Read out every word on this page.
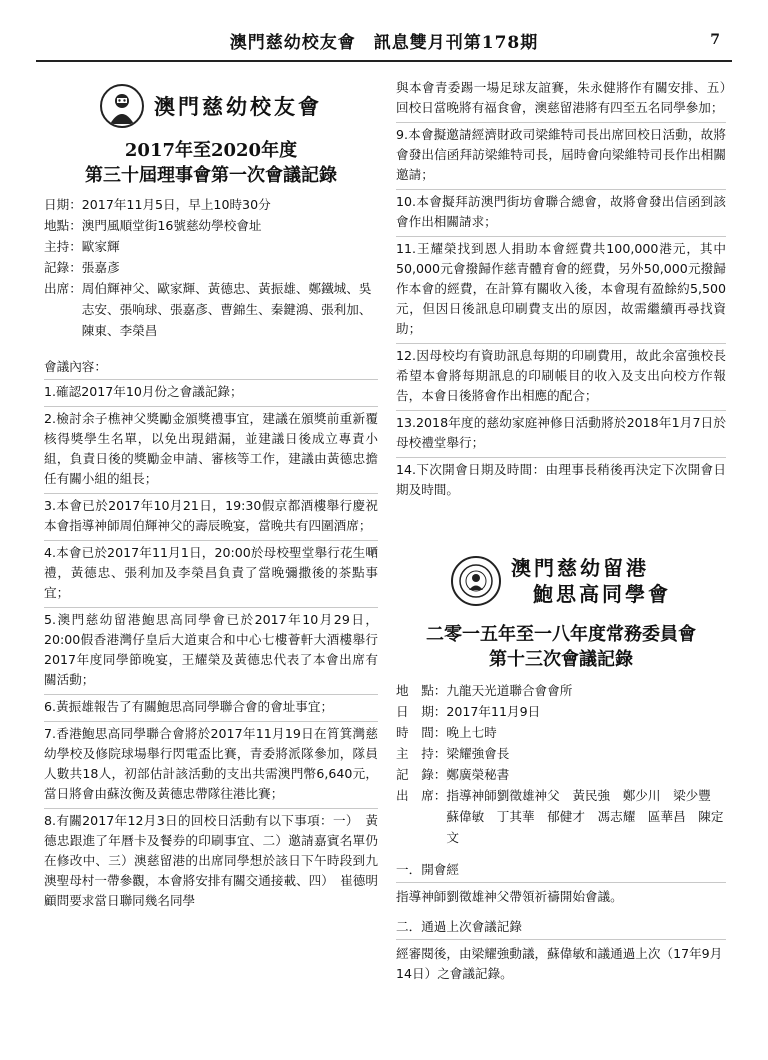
澳門慈幼校友會　訊息雙月刊第178期	7
澳門慈幼校友會
2017年至2020年度
第三十屆理事會第一次會議記錄
日期： 2017年11月5日，早上10時30分
地點： 澳門風順堂街16號慈幼學校會址
主持： 歐家輝
記錄： 張嘉彥
出席： 周伯輝神父、歐家輝、黃德忠、黃振雄、鄭鐵城、吳志安、張响球、張嘉彥、曹錦生、秦鍵鴻、張利加、陳東、李榮昌

會議內容：

1.確認2017年10月份之會議記錄；

2.檢討余子樵神父獎勵金頒獎禮事宜，建議在頒獎前重新覆核得獎學生名單，以免出現錯漏，並建議日後成立專責小組，負責日後的獎勵金申請、審核等工作，建議由黃德忠擔任有關小組的組長；

3.本會已於2017年10月21日，19:30假京都酒樓舉行慶祝本會指導神師周伯輝神父的壽辰晚宴，當晚共有四圍酒席；

4.本會已於2017年11月1日，20:00於母校聖堂舉行花生嗮禮，黃德忠、張利加及李榮昌負責了當晚彌撒後的茶點事宜；

5.澳門慈幼留港鮑思高同學會已於2017年10月29日，20:00假香港灣仔皇后大道東合和中心七樓薈軒大酒樓舉行2017年度同學節晚宴，王耀榮及黃德忠代表了本會出席有關活動；

6.黃振雄報告了有關鮑思高同學聯合會的會址事宜；

7.香港鮑思高同學聯合會將於2017年11月19日在筲箕灣慈幼學校及修院球場舉行閃電盃比賽，青委將派隊參加，隊員人數共18人，初部估計該活動的支出共需澳門幣6,640元，當日將會由蘇汝衡及黃德忠帶隊往港比賽；

8.有關2017年12月3日的回校日活動有以下事項：一）　黃德忠跟進了年曆卡及餐券的印刷事宜、二）邀請嘉賓名單仍在修改中、三）澳慈留港的出席同學想於該日下午時段到九澳聖母村一帶參觀，本會將安排有關交通接載、四）　崔德明顧問要求當日聯同幾名同學

與本會青委踢一場足球友誼賽，朱永健將作有關安排、五）　回校日當晚將有福食會，澳慈留港將有四至五名同學參加；

9.本會擬邀請經濟財政司梁維特司長出席回校日活動，故將會發出信函拜訪梁維特司長，屆時會向梁維特司長作出相關邀請；

10.本會擬拜訪澳門街坊會聯合總會，故將會發出信函到該會作出相關請求；

11.王耀榮找到恩人捐助本會經費共100,000港元，其中50,000元會撥歸作慈青體育會的經費，另外50,000元撥歸作本會的經費，在計算有關收入後，本會現有盈餘約5,500元，但因日後訊息印刷費支出的原因，故需繼續再尋找資助；

12.因母校均有資助訊息每期的印刷費用，故此余富強校長希望本會將每期訊息的印刷帳目的收入及支出向校方作報告，本會日後將會作出相應的配合；

13.2018年度的慈幼家庭神修日活動將於2018年1月7日於母校禮堂舉行；

14.下次開會日期及時間：由理事長稍後再決定下次開會日期及時間。

澳門慈幼留港
鮑思高同學會
二零一五年至一八年度常務委員會
第十三次會議記錄
地　點： 九龍天光道聯合會會所
日　期： 2017年11月9日
時　間： 晚上七時
主　持： 梁耀強會長
記　錄： 鄭廣榮秘書
出　席： 指導神師劉徵雄神父　黃民強　鄭少川　梁少豐　蘇偉敏　丁其華　郁健才　馮志耀　區華昌　陳定文

一．開會經

指導神師劉徵雄神父帶領祈禱開始會議。

二．通過上次會議記錄

經審閱後，由梁耀強動議，蘇偉敏和議通過上次（17年9月14日）之會議記錄。
